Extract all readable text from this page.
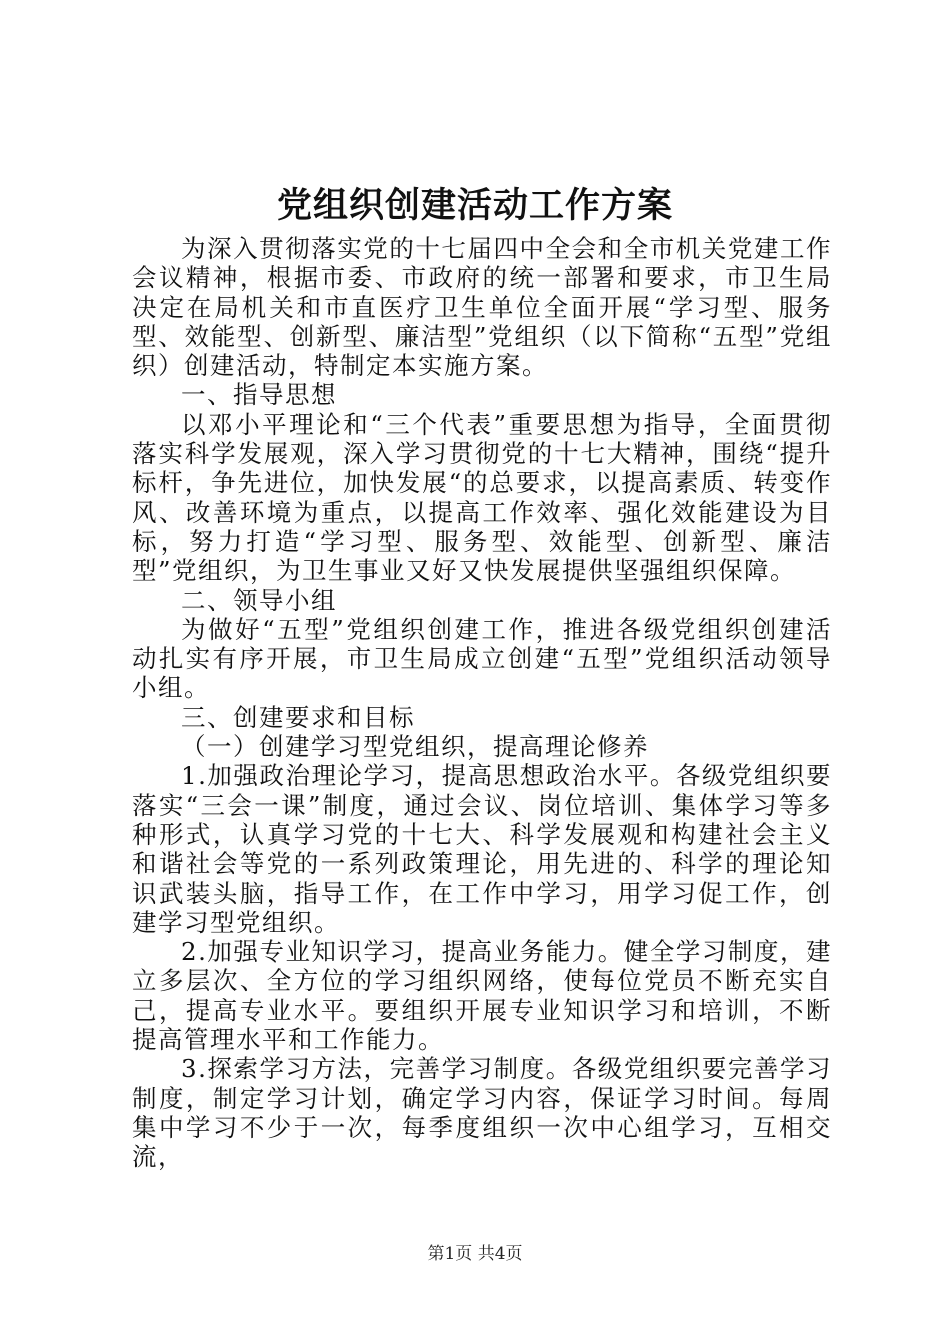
党组织创建活动工作方案

为深入贯彻落实党的十七届四中全会和全市机关党建工作会议精神，根据市委、市政府的统一部署和要求，市卫生局决定在局机关和市直医疗卫生单位全面开展“学习型、服务型、效能型、创新型、廉洁型”党组织（以下简称“五型”党组织）创建活动，特制定本实施方案。

一、指导思想

以邓小平理论和“三个代表”重要思想为指导，全面贯彻落实科学发展观，深入学习贯彻党的十七大精神，围绕“提升标杆，争先进位，加快发展“的总要求，以提高素质、转变作风、改善环境为重点，以提高工作效率、强化效能建设为目标，努力打造“学习型、服务型、效能型、创新型、廉洁型”党组织，为卫生事业又好又快发展提供坚强组织保障。

二、领导小组

为做好“五型”党组织创建工作，推进各级党组织创建活动扎实有序开展，市卫生局成立创建“五型”党组织活动领导小组。

三、创建要求和目标

（一）创建学习型党组织，提高理论修养

1.加强政治理论学习，提高思想政治水平。各级党组织要落实“三会一课”制度，通过会议、岗位培训、集体学习等多种形式，认真学习党的十七大、科学发展观和构建社会主义和谐社会等党的一系列政策理论，用先进的、科学的理论知识武装头脑，指导工作，在工作中学习，用学习促工作，创建学习型党组织。

2.加强专业知识学习，提高业务能力。健全学习制度，建立多层次、全方位的学习组织网络，使每位党员不断充实自己，提高专业水平。要组织开展专业知识学习和培训，不断提高管理水平和工作能力。

3.探索学习方法，完善学习制度。各级党组织要完善学习制度，制定学习计划，确定学习内容，保证学习时间。每周集中学习不少于一次，每季度组织一次中心组学习，互相交流，

第1页 共4页
